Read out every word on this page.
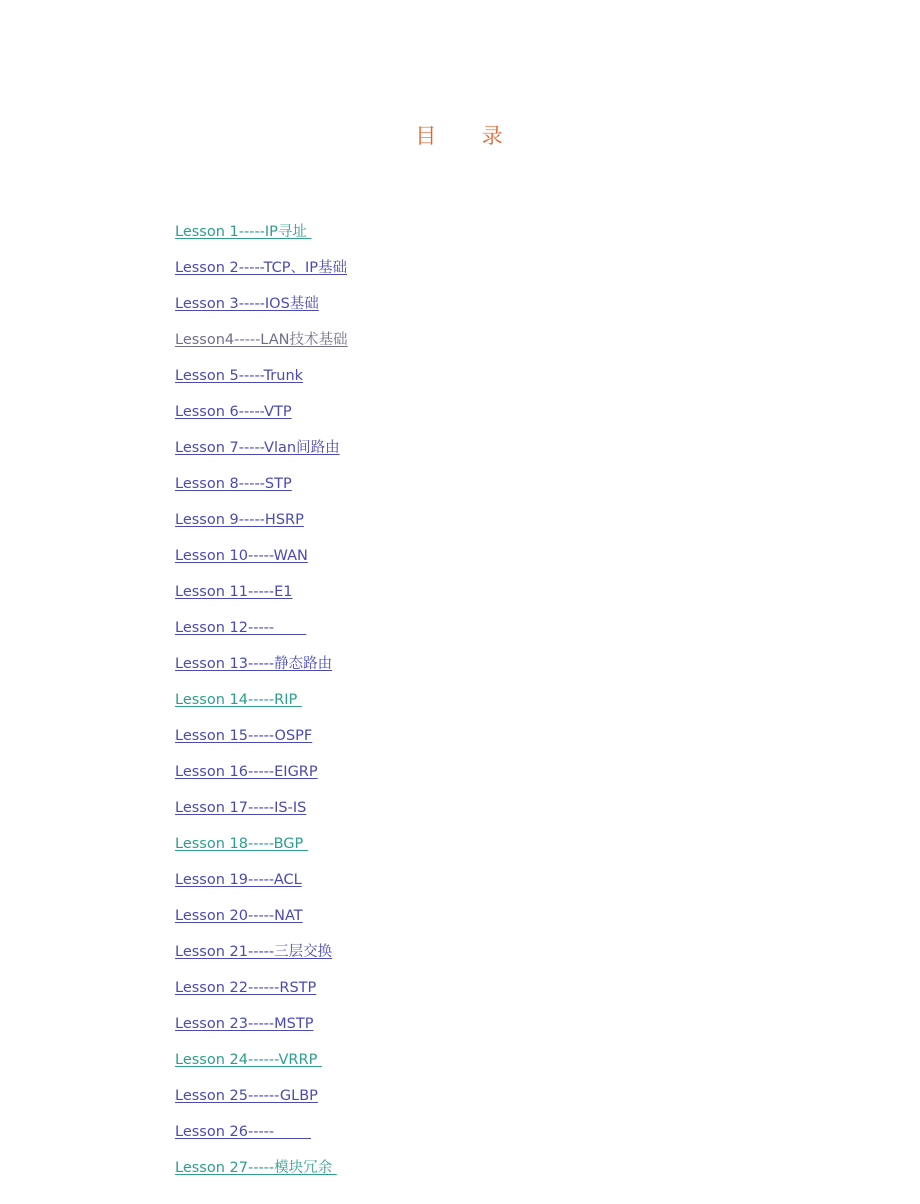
目     录
Lesson 1-----IP寻址
Lesson 2-----TCP、IP基础
Lesson 3-----IOS基础
Lesson4-----LAN技术基础
Lesson 5-----Trunk
Lesson 6-----VTP
Lesson 7-----Vlan间路由
Lesson 8-----STP
Lesson 9-----HSRP
Lesson 10-----WAN
Lesson 11-----E1
Lesson 12-----
Lesson 13-----静态路由
Lesson 14-----RIP
Lesson 15-----OSPF
Lesson 16-----EIGRP
Lesson 17-----IS-IS
Lesson 18-----BGP
Lesson 19-----ACL
Lesson 20-----NAT
Lesson 21-----三层交换
Lesson 22------RSTP
Lesson 23-----MSTP
Lesson 24------VRRP
Lesson 25------GLBP
Lesson 26-----
Lesson 27-----模块冗余
